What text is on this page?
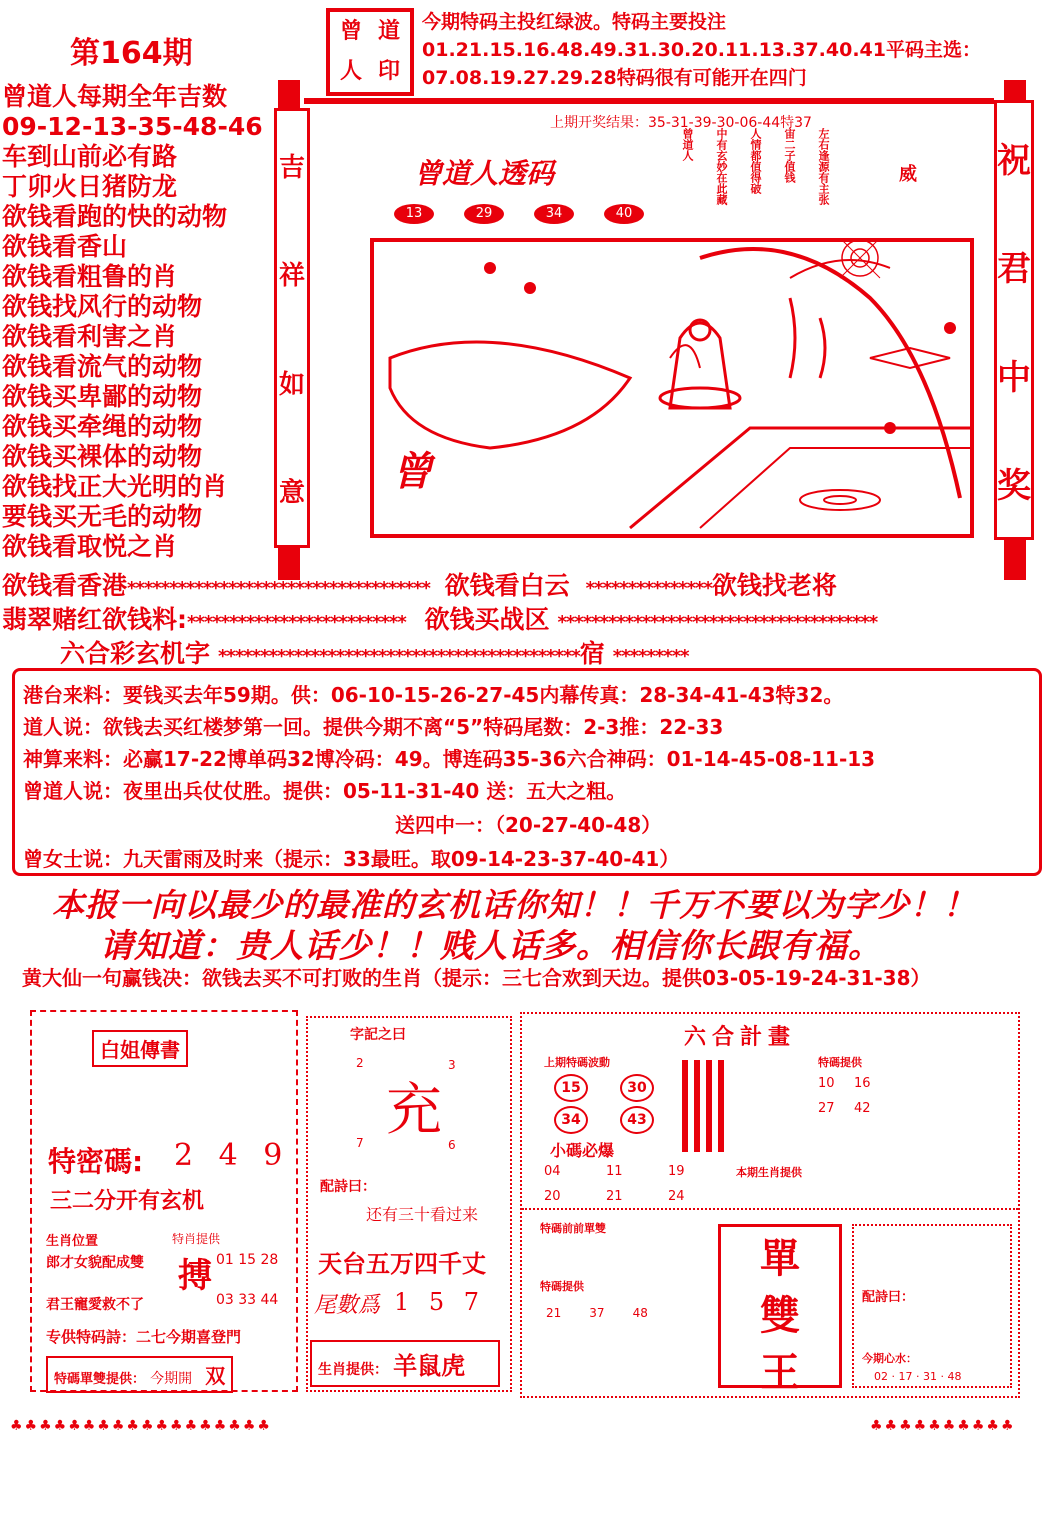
第164期
曾 道
人 印
今期特码主投红绿波。特码主要投注01.21.15.16.48.49.31.30.20.11.13.37.40.41平码主选：07.08.19.27.29.28特码很有可能开在四门
上期开奖结果：35-31-39-30-06-44特37
曾道人每期全年吉数
09-12-13-35-48-46
车到山前必有路
丁卯火日猪防龙
欲钱看跑的快的动物
欲钱看香山
欲钱看粗鲁的肖
欲钱找风行的动物
欲钱看利害之肖
欲钱看流气的动物
欲钱买卑鄙的动物
欲钱买牵绳的动物
欲钱买裸体的动物
欲钱找正大光明的肖
要钱买无毛的动物
欲钱看取悦之肖
吉
祥
如
意
祝
君
中
奖
曾道人透码
13	29	34	40
左右逢源有主张
宙二子值钱
人情都值得破
中有玄妙在此藏
曾道人
威
曾
欲钱看香港************************************ 欲钱看白云 ***************欲钱找老将
翡翠赌红欲钱料:************************** 欲钱买战区 **************************************
六合彩玄机字 *******************************************宿 *********
港台来料：要钱买去年59期。供：06-10-15-26-27-45内幕传真：28-34-41-43特32。
道人说：欲钱去买红楼梦第一回。提供今期不离“5”特码尾数：2-3推：22-33
神算来料：必赢17-22博单码32博冷码：49。博连码35-36六合神码：01-14-45-08-11-13
曾道人说：夜里出兵仗仗胜。提供：05-11-31-40 送：五大之粗。
送四中一：（20-27-40-48）
曾女士说：九天雷雨及时来（提示：33最旺。取09-14-23-37-40-41）
本报一向以最少的最准的玄机话你知！！千万不要以为字少！！
请知道：贵人话少！！贱人话多。相信你长跟有福。
黄大仙一句赢钱决：欲钱去买不可打败的生肖（提示：三七合欢到天边。提供03-05-19-24-31-38）
白姐傳書
特密碼: 2 4 9
三二分开有玄机
生肖位置
郎才女貌配成雙
君王寵愛救不了
特肖提供
搏 01 15 28
03 33 44
专供特码詩：二七今期喜登門
特碼單雙提供： 今期開 双
字記之曰
2	3
7	6
充
配詩曰：
还有三十看过来
天台五万四千丈
尾數爲 1 5 7
生肖提供： 羊鼠虎
六合計畫
上期特碼波動
15	30
34	43
特碼提供
10	16
27	42
小碼必爆
04	11	19
20	21	24
本期生肖提供
特碼前前單雙
特碼提供
21 37 48
單
雙
王
配詩曰：
今期心水：
02 · 17 · 31 · 48
♣♣♣♣♣♣♣♣♣♣♣♣♣♣♣♣♣♣	♣♣♣♣♣♣♣♣♣♣
